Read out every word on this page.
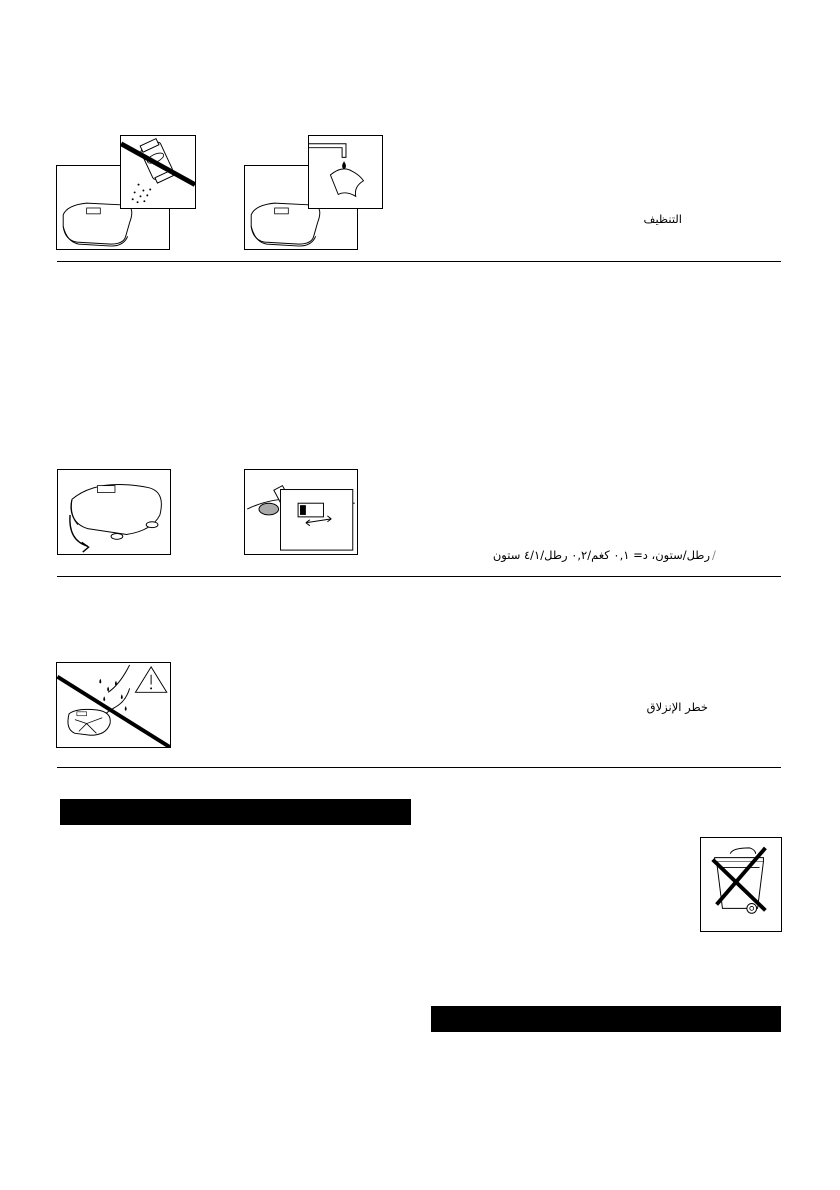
التنظيف
/
رطل/ستون، د= ٠,١ كغم/٠,٢ رطل/٤/١ ستون
خطر الإنزلاق
